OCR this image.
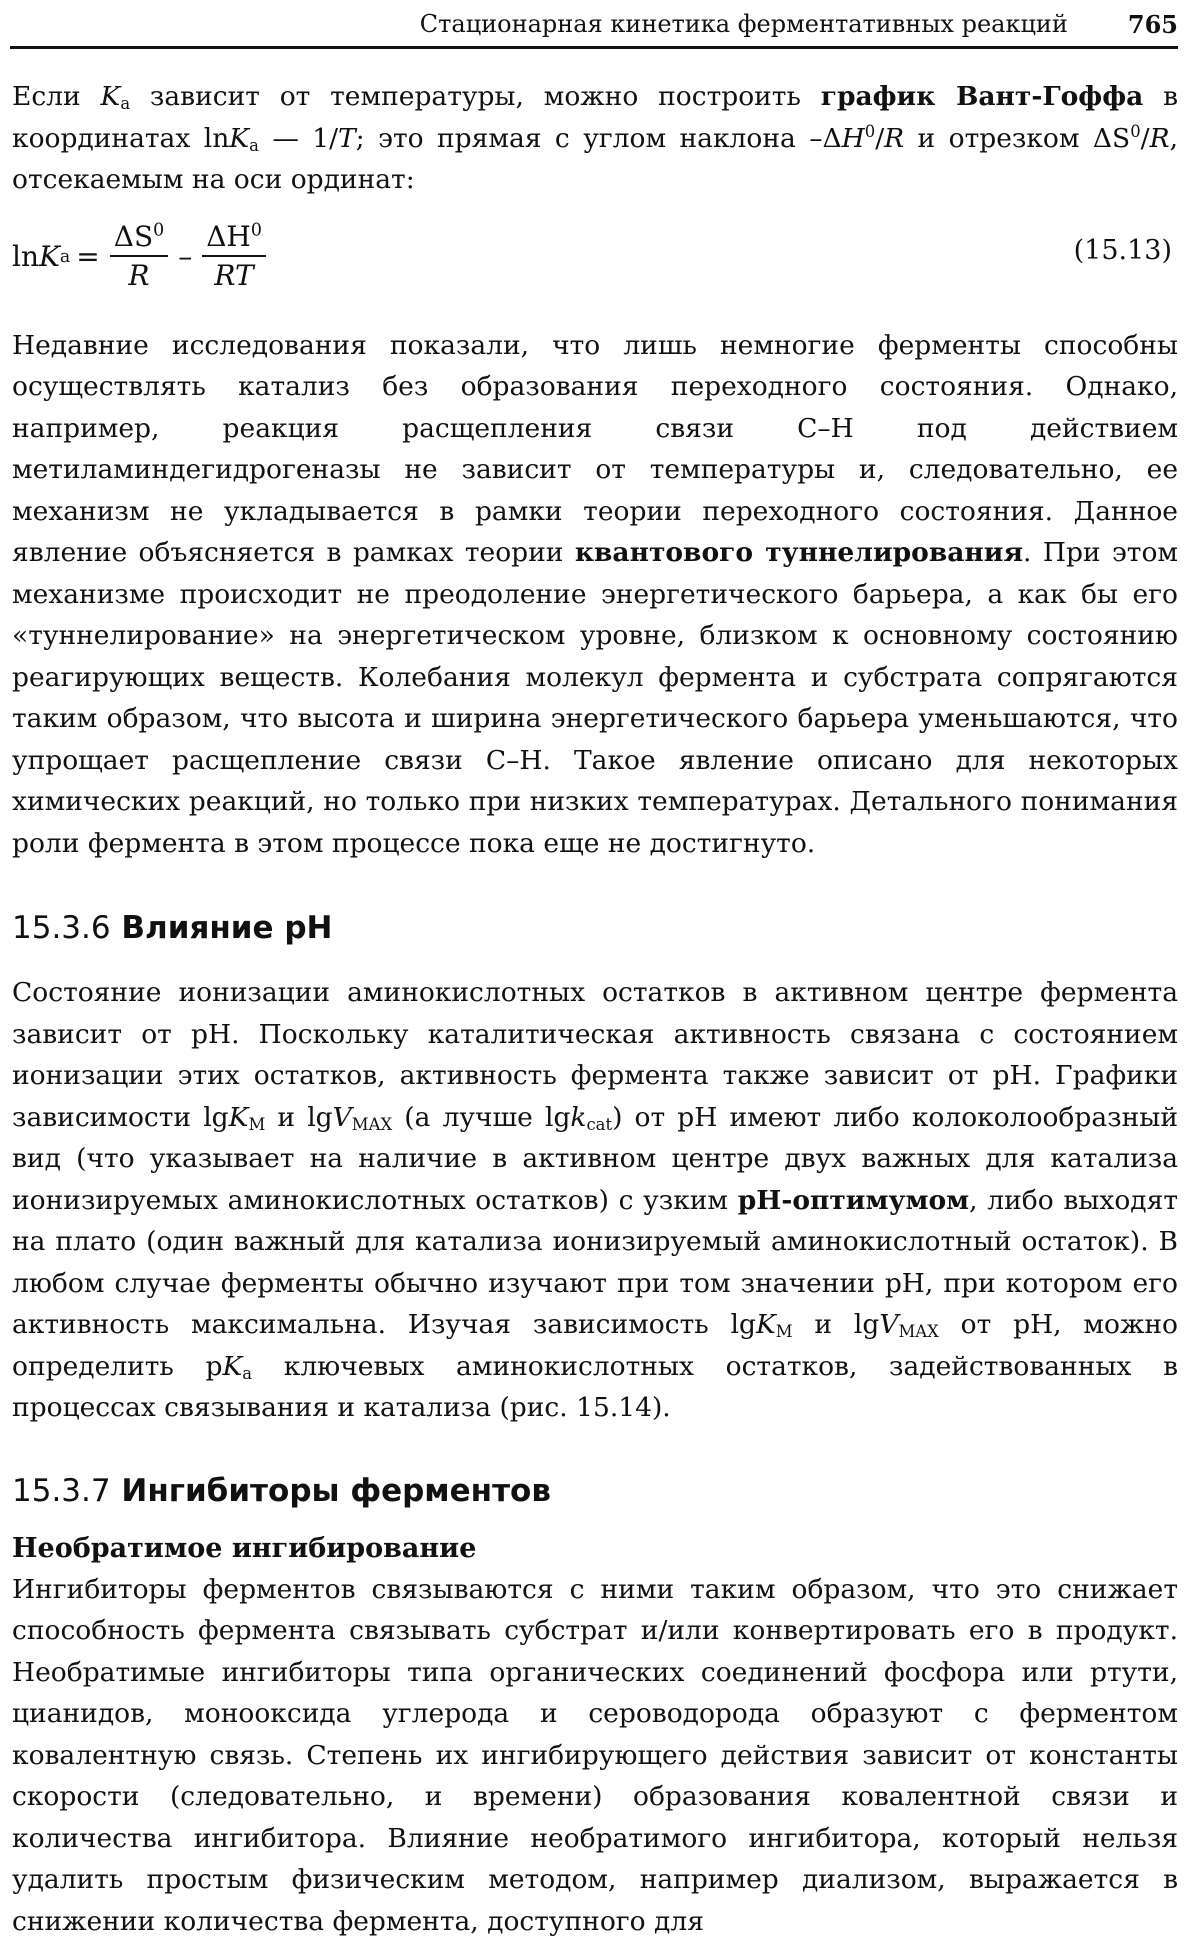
Стационарная кинетика ферментативных реакций	765

Если $K_a$ зависит от температуры, можно построить график Вант-Гоффа в координатах lnK$_a$ — 1/T; это прямая с углом наклона $-\Delta H^0/R$ и отрезком $\Delta S^0/R$, отсекаемым на оси ординат:

ln K $a = \frac{\Delta S^0}{R} - \frac{\Delta H^0}{RT}$	(15.13)

Недавние исследования показали, что лишь немногие ферменты способны осуществлять катализ без образования переходного состояния. Однако, например, реакция расщепления связи С–Н под действием метиламиндегидрогеназы не зависит от температуры и, следовательно, ее механизм не укладывается в рамки теории переходного состояния. Данное явление объясняется в рамках теории квантового туннелирования. При этом механизме происходит не преодоление энергетического барьера, а как бы его «туннелирование» на энергетическом уровне, близком к основному состоянию реагирующих веществ. Колебания молекул фермента и субстрата сопрягаются таким образом, что высота и ширина энергетического барьера уменьшаются, что упрощает расщепление связи С–Н. Такое явление описано для некоторых химических реакций, но только при низких температурах. Детального понимания роли фермента в этом процессе пока еще не достигнуто.

15.3.6 Влияние pH

Состояние ионизации аминокислотных остатков в активном центре фермента зависит от рН. Поскольку каталитическая активность связана с состоянием ионизации этих остатков, активность фермента также зависит от рН. Графики зависимости lgK$_M$ и lgV$_{MAX}$ (а лучше lgk$_{cat}$) от рН имеют либо колоколообразный вид (что указывает на наличие в активном центре двух важных для катализа ионизируемых аминокислотных остатков) с узким рН-оптимумом, либо выходят на плато (один важный для катализа ионизируемый аминокислотный остаток). В любом случае ферменты обычно изучают при том значении рН, при котором его активность максимальна. Изучая зависимость lgK$_M$ и lgV$_{MAX}$ от рН, можно определить $рK_a$ ключевых аминокислотных остатков, задействованных в процессах связывания и катализа (рис. 15.14).

15.3.7 Ингибиторы ферментов
Необратимое ингибирование

Ингибиторы ферментов связываются с ними таким образом, что это снижает способность фермента связывать субстрат и/или конвертировать его в продукт. Необратимые ингибиторы типа органических соединений фосфора или ртути, цианидов, монооксида углерода и сероводорода образуют с ферментом ковалентную связь. Степень их ингибирующего действия зависит от константы скорости (следовательно, и времени) образования ковалентной связи и количества ингибитора. Влияние необратимого ингибитора, который нельзя удалить простым физическим методом, например диализом, выражается в снижении количества фермента, доступного для
